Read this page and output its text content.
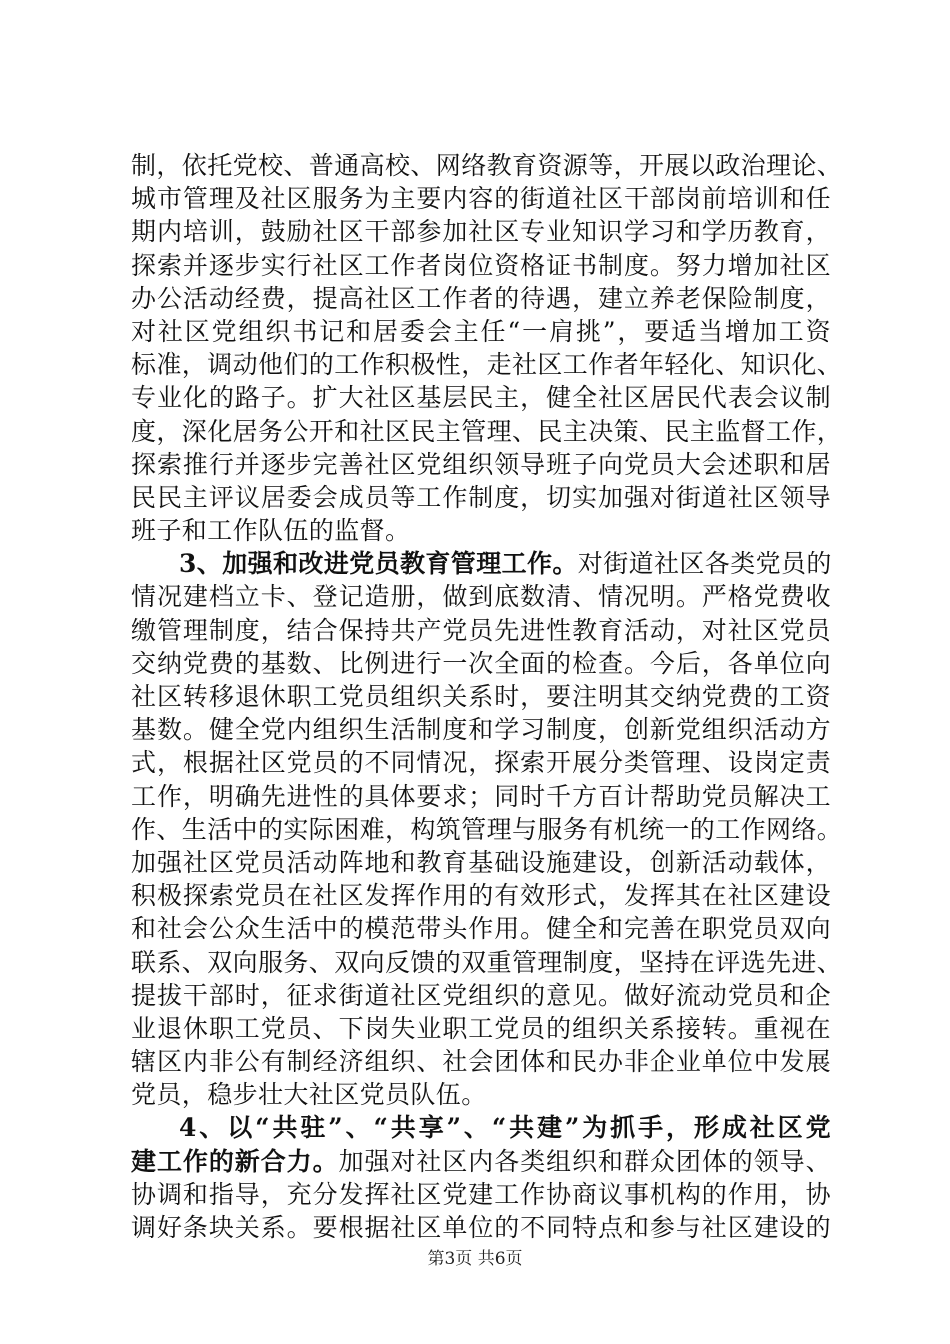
制，依托党校、普通高校、网络教育资源等，开展以政治理论、
城市管理及社区服务为主要内容的街道社区干部岗前培训和任
期内培训，鼓励社区干部参加社区专业知识学习和学历教育，
探索并逐步实行社区工作者岗位资格证书制度。努力增加社区
办公活动经费，提高社区工作者的待遇，建立养老保险制度，
对社区党组织书记和居委会主任“一肩挑”，要适当增加工资
标准，调动他们的工作积极性，走社区工作者年轻化、知识化、
专业化的路子。扩大社区基层民主，健全社区居民代表会议制
度，深化居务公开和社区民主管理、民主决策、民主监督工作，
探索推行并逐步完善社区党组织领导班子向党员大会述职和居
民民主评议居委会成员等工作制度，切实加强对街道社区领导
班子和工作队伍的监督。
3、加强和改进党员教育管理工作。对街道社区各类党员的
情况建档立卡、登记造册，做到底数清、情况明。严格党费收
缴管理制度，结合保持共产党员先进性教育活动，对社区党员
交纳党费的基数、比例进行一次全面的检查。今后，各单位向
社区转移退休职工党员组织关系时，要注明其交纳党费的工资
基数。健全党内组织生活制度和学习制度，创新党组织活动方
式，根据社区党员的不同情况，探索开展分类管理、设岗定责
工作，明确先进性的具体要求；同时千方百计帮助党员解决工
作、生活中的实际困难，构筑管理与服务有机统一的工作网络。
加强社区党员活动阵地和教育基础设施建设，创新活动载体，
积极探索党员在社区发挥作用的有效形式，发挥其在社区建设
和社会公众生活中的模范带头作用。健全和完善在职党员双向
联系、双向服务、双向反馈的双重管理制度，坚持在评选先进、
提拔干部时，征求街道社区党组织的意见。做好流动党员和企
业退休职工党员、下岗失业职工党员的组织关系接转。重视在
辖区内非公有制经济组织、社会团体和民办非企业单位中发展
党员，稳步壮大社区党员队伍。
4、以“共驻”、“共享”、“共建”为抓手，形成社区党
建工作的新合力。加强对社区内各类组织和群众团体的领导、
协调和指导，充分发挥社区党建工作协商议事机构的作用，协
调好条块关系。要根据社区单位的不同特点和参与社区建设的
第3页 共6页
